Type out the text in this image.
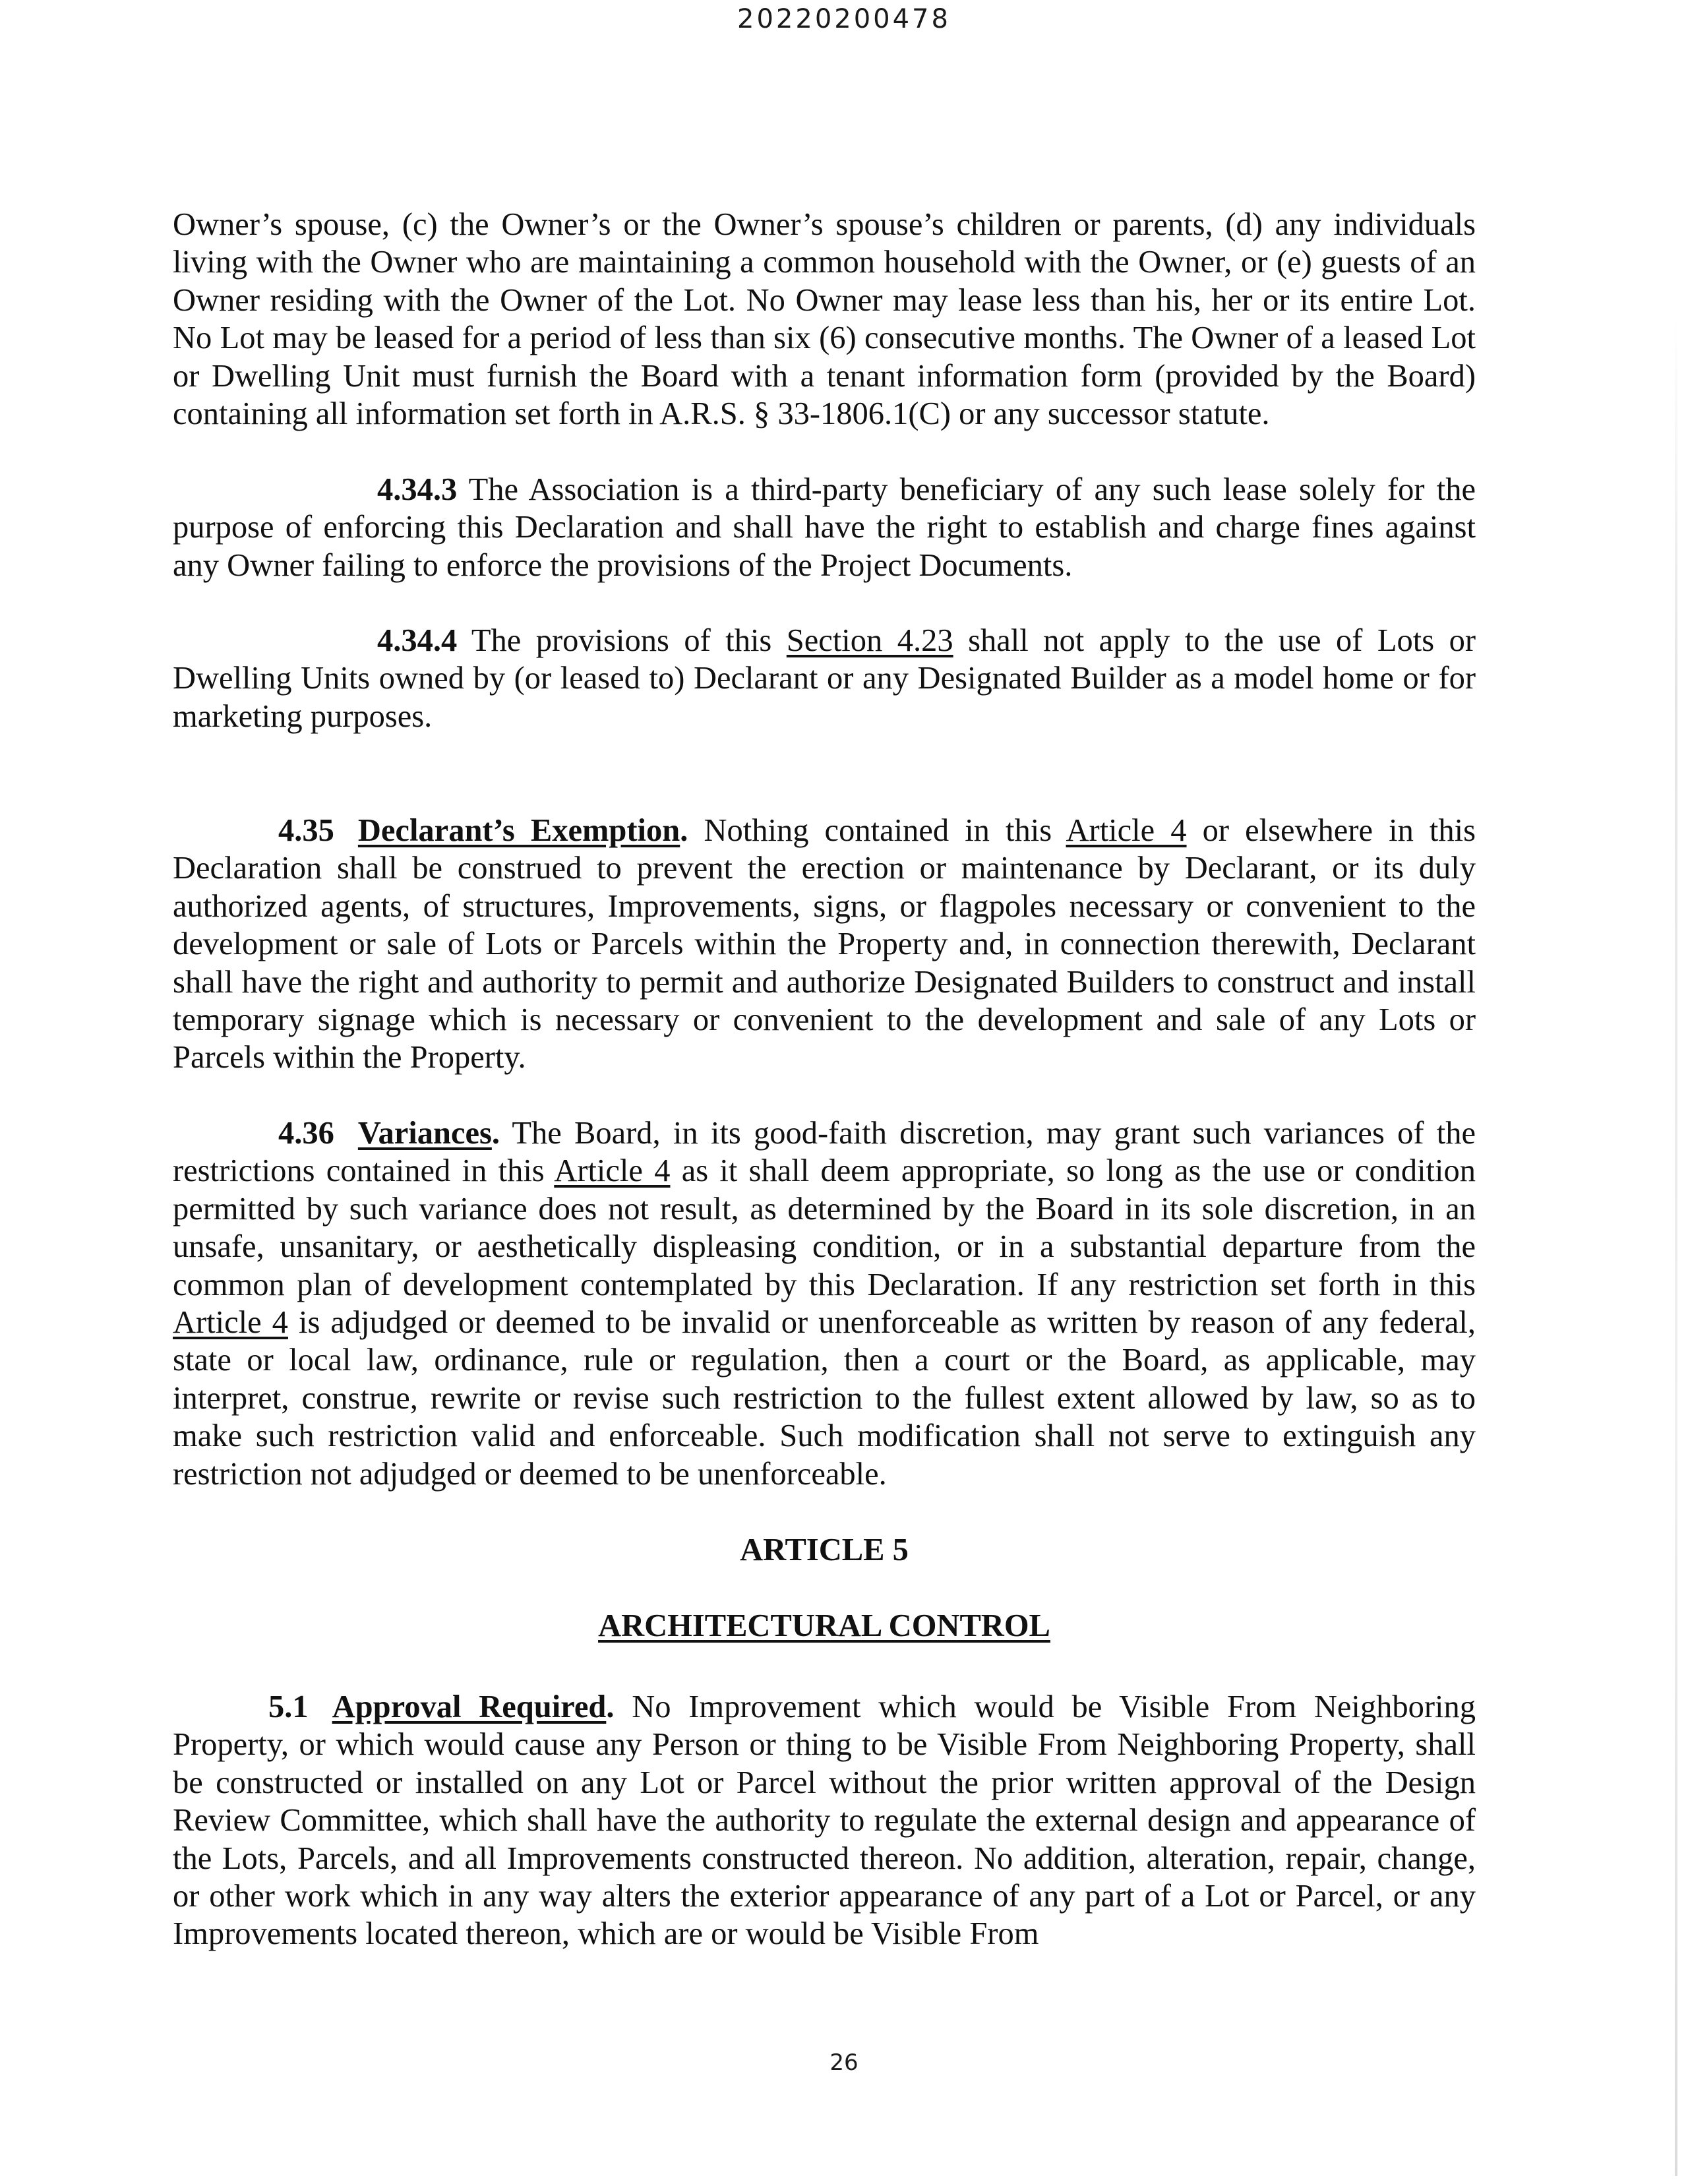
20220200478

Owner’s spouse, (c) the Owner’s or the Owner’s spouse’s children or parents, (d) any individuals living with the Owner who are maintaining a common household with the Owner, or (e) guests of an Owner residing with the Owner of the Lot. No Owner may lease less than his, her or its entire Lot. No Lot may be leased for a period of less than six (6) consecutive months. The Owner of a leased Lot or Dwelling Unit must furnish the Board with a tenant information form (provided by the Board) containing all information set forth in A.R.S. § 33-1806.1(C) or any successor statute.

4.34.3 The Association is a third-party beneficiary of any such lease solely for the purpose of enforcing this Declaration and shall have the right to establish and charge fines against any Owner failing to enforce the provisions of the Project Documents.

4.34.4 The provisions of this Section 4.23 shall not apply to the use of Lots or Dwelling Units owned by (or leased to) Declarant or any Designated Builder as a model home or for marketing purposes.

4.35 Declarant’s Exemption. Nothing contained in this Article 4 or elsewhere in this Declaration shall be construed to prevent the erection or maintenance by Declarant, or its duly authorized agents, of structures, Improvements, signs, or flagpoles necessary or convenient to the development or sale of Lots or Parcels within the Property and, in connection therewith, Declarant shall have the right and authority to permit and authorize Designated Builders to construct and install temporary signage which is necessary or convenient to the development and sale of any Lots or Parcels within the Property.

4.36 Variances. The Board, in its good-faith discretion, may grant such variances of the restrictions contained in this Article 4 as it shall deem appropriate, so long as the use or condition permitted by such variance does not result, as determined by the Board in its sole discretion, in an unsafe, unsanitary, or aesthetically displeasing condition, or in a substantial departure from the common plan of development contemplated by this Declaration. If any restriction set forth in this Article 4 is adjudged or deemed to be invalid or unenforceable as written by reason of any federal, state or local law, ordinance, rule or regulation, then a court or the Board, as applicable, may interpret, construe, rewrite or revise such restriction to the fullest extent allowed by law, so as to make such restriction valid and enforceable. Such modification shall not serve to extinguish any restriction not adjudged or deemed to be unenforceable.

ARTICLE 5
ARCHITECTURAL CONTROL

5.1 Approval Required. No Improvement which would be Visible From Neighboring Property, or which would cause any Person or thing to be Visible From Neighboring Property, shall be constructed or installed on any Lot or Parcel without the prior written approval of the Design Review Committee, which shall have the authority to regulate the external design and appearance of the Lots, Parcels, and all Improvements constructed thereon. No addition, alteration, repair, change, or other work which in any way alters the exterior appearance of any part of a Lot or Parcel, or any Improvements located thereon, which are or would be Visible From

26
